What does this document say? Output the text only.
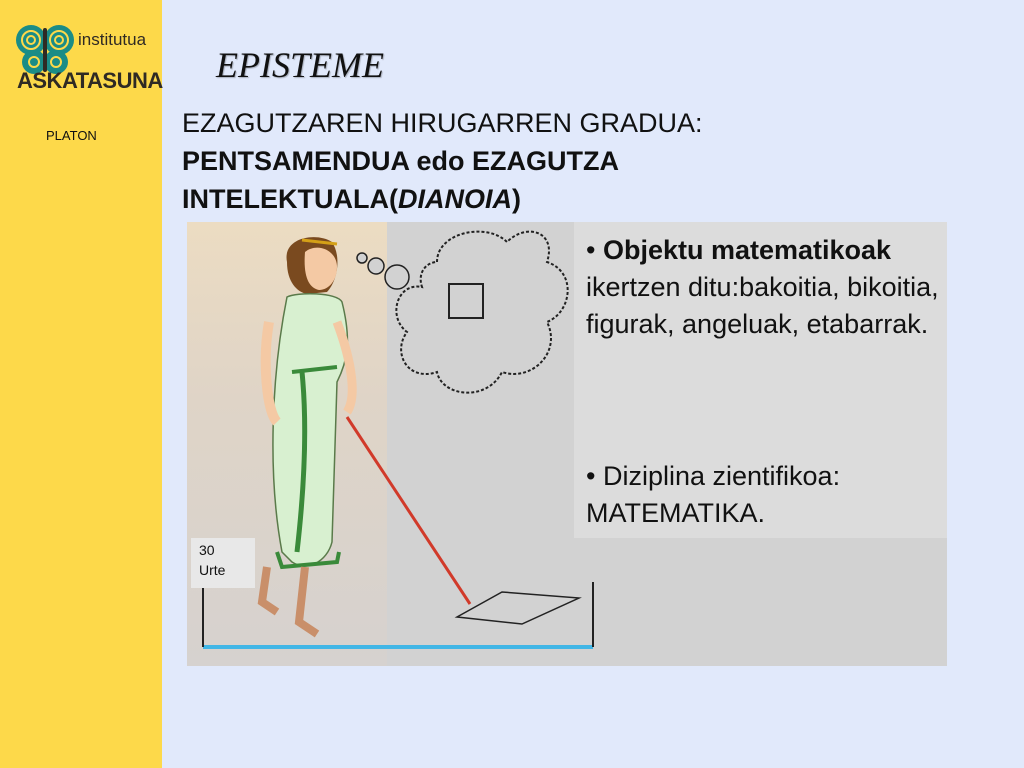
institutua
ASKATASUNA
PLATON
EPISTEME
EZAGUTZAREN HIRUGARREN GRADUA:
PENTSAMENDUA edo EZAGUTZA
INTELEKTUALA(DIANOIA)
• Objektu matematikoak ikertzen ditu:bakoitia, bikoitia, figurak, angeluak, etabarrak.
• Diziplina zientifikoa: MATEMATIKA.
30
Urte
